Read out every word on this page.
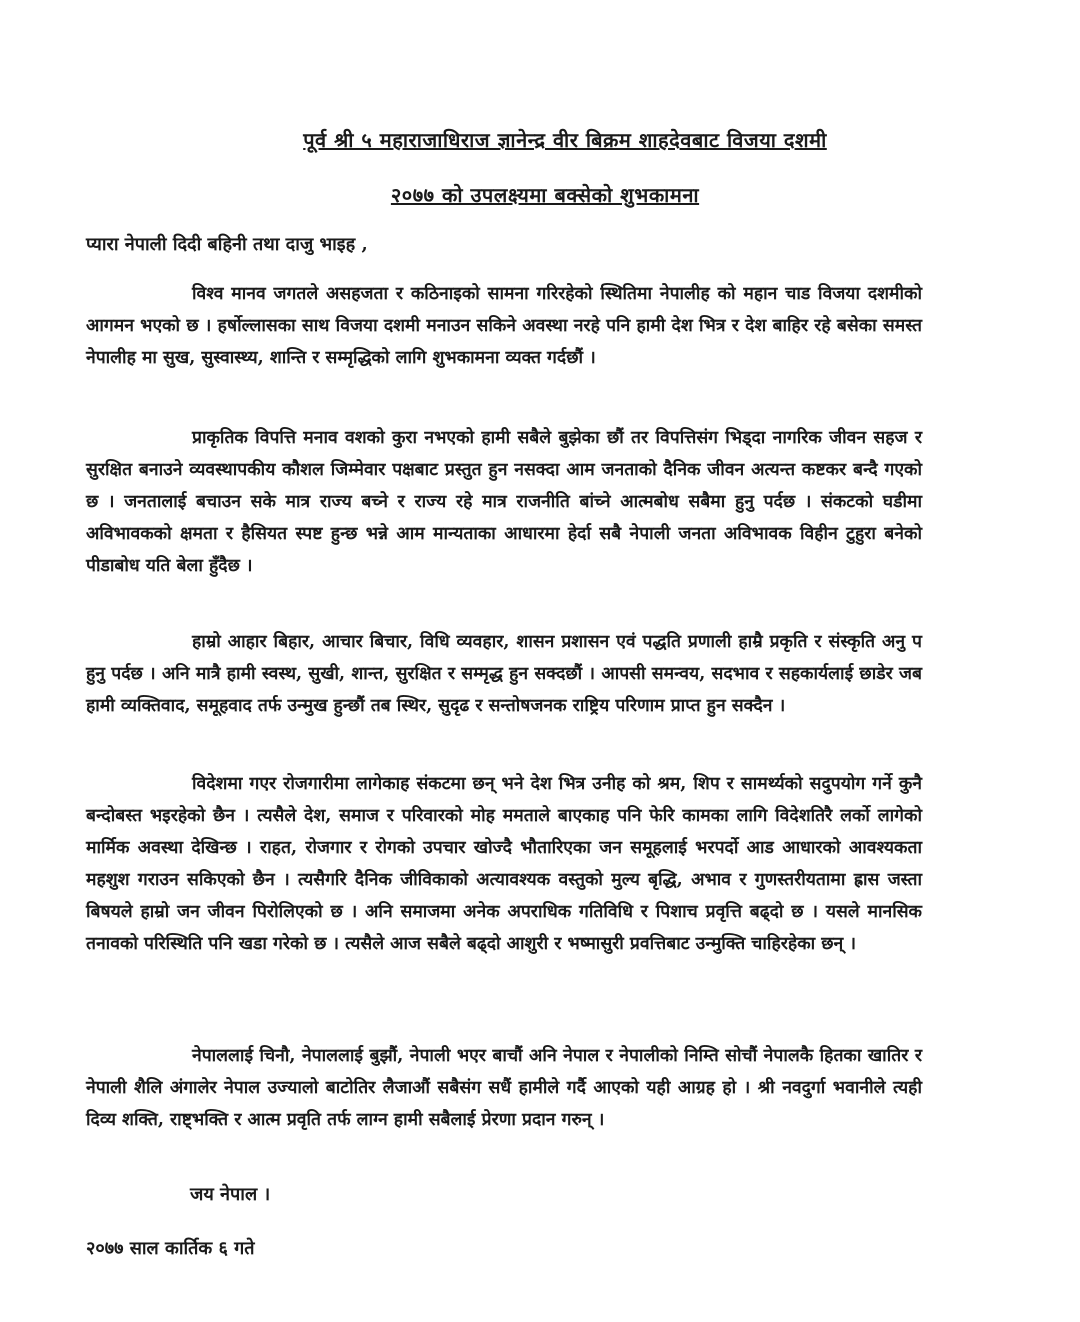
पूर्व श्री ५ महाराजाधिराज ज्ञानेन्द्र वीर बिक्रम शाहदेवबाट विजया दशमी
२०७७ को उपलक्ष्यमा बक्सेको शुभकामना
प्यारा नेपाली दिदी बहिनी तथा दाजु भाइह ,

विश्व मानव जगतले असहजता र कठिनाइको सामना गरिरहेको स्थितिमा नेपालीह को महान चाड विजया दशमीको आगमन भएको छ । हर्षोल्लासका साथ विजया दशमी मनाउन सकिने अवस्था नरहे पनि हामी देश भित्र र देश बाहिर रहे बसेका समस्त नेपालीह मा सुख, सुस्वास्थ्य, शान्ति र सम्मृद्धिको लागि शुभकामना व्यक्त गर्दछौं ।

प्राकृतिक विपत्ति मनाव वशको कुरा नभएको हामी सबैले बुझेका छौं तर विपत्तिसंग भिड्दा नागरिक जीवन सहज र सुरक्षित बनाउने व्यवस्थापकीय कौशल जिम्मेवार पक्षबाट प्रस्तुत हुन नसक्दा आम जनताको दैनिक जीवन अत्यन्त कष्टकर बन्दै गएको छ । जनतालाई बचाउन सके मात्र राज्य बच्ने र राज्य रहे मात्र राजनीति बांच्ने आत्मबोध सबैमा हुनु पर्दछ । संकटको घडीमा अविभावकको क्षमता र हैसियत स्पष्ट हुन्छ भन्ने आम मान्यताका आधारमा हेर्दा सबै नेपाली जनता अविभावक विहीन टुहुरा बनेको पीडाबोध यति बेला हुँदैछ ।

हाम्रो आहार बिहार, आचार बिचार, विधि व्यवहार, शासन प्रशासन एवं पद्धति प्रणाली हाम्रै प्रकृति र संस्कृति अनु प हुनु पर्दछ । अनि मात्रै हामी स्वस्थ, सुखी, शान्त, सुरक्षित र सम्मृद्ध हुन सक्दछौं । आपसी समन्वय, सदभाव र सहकार्यलाई छाडेर जब हामी व्यक्तिवाद, समूहवाद तर्फ उन्मुख हुन्छौं तब स्थिर, सुदृढ र सन्तोषजनक राष्ट्रिय परिणाम प्राप्त हुन सक्दैन ।

विदेशमा गएर रोजगारीमा लागेकाह संकटमा छन् भने देश भित्र उनीह को श्रम, शिप र सामर्थ्यको सदुपयोग गर्ने कुनै बन्दोबस्त भइरहेको छैन । त्यसैले देश, समाज र परिवारको मोह ममताले बाएकाह पनि फेरि कामका लागि विदेशतिरै लर्को लागेको मार्मिक अवस्था देखिन्छ । राहत, रोजगार र रोगको उपचार खोज्दै भौतारिएका जन समूहलाई भरपर्दो आड आधारको आवश्यकता महशुश गराउन सकिएको छैन । त्यसैगरि दैनिक जीविकाको अत्यावश्यक वस्तुको मुल्य बृद्धि, अभाव र गुणस्तरीयतामा ह्रास जस्ता बिषयले हाम्रो जन जीवन पिरोलिएको छ । अनि समाजमा अनेक अपराधिक गतिविधि र पिशाच प्रवृत्ति बढ्दो छ । यसले मानसिक तनावको परिस्थिति पनि खडा गरेको छ । त्यसैले आज सबैले बढ्दो आशुरी र भष्मासुरी प्रवत्तिबाट उन्मुक्ति चाहिरहेका छन् ।

नेपाललाई चिनौ, नेपाललाई बुझौं, नेपाली भएर बाचौं अनि नेपाल र नेपालीको निम्ति सोचौं नेपालकै हितका खातिर र नेपाली शैलि अंगालेर नेपाल उज्यालो बाटोतिर लैजाऔं सबैसंग सधैं हामीले गर्दै आएको यही आग्रह हो । श्री नवदुर्गा भवानीले त्यही दिव्य शक्ति, राष्ट्भक्ति र आत्म प्रवृति तर्फ लाग्न हामी सबैलाई प्रेरणा प्रदान गरुन् ।

जय नेपाल ।
२०७७ साल कार्तिक ६ गते
